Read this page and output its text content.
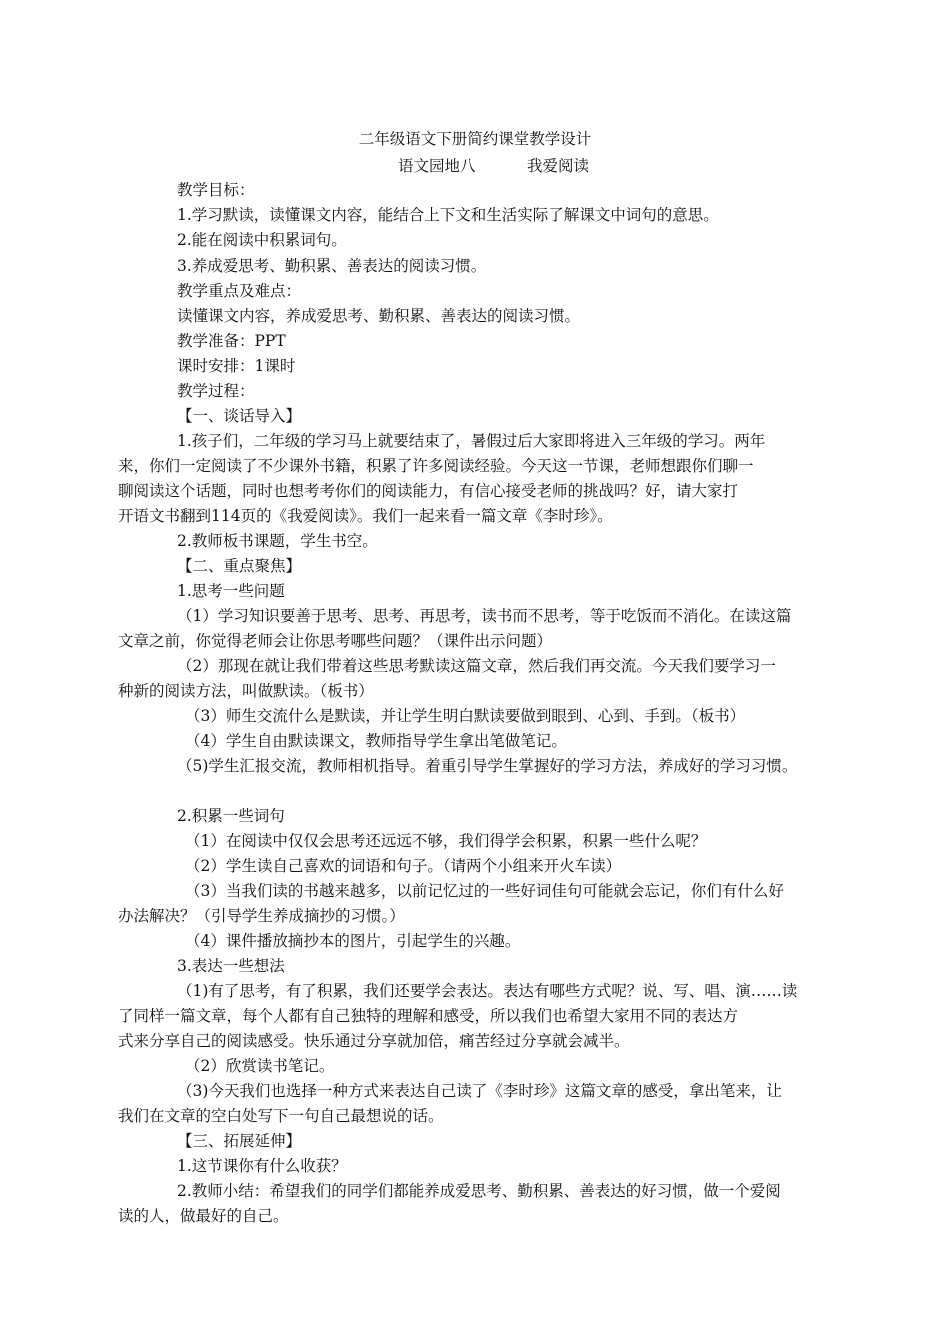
二年级语文下册简约课堂教学设计
语文园地八	我爱阅读
教学目标：
1.学习默读，读懂课文内容，能结合上下文和生活实际了解课文中词句的意思。
2.能在阅读中积累词句。
3.养成爱思考、勤积累、善表达的阅读习惯。
教学重点及难点：
读懂课文内容，养成爱思考、勤积累、善表达的阅读习惯。
教学准备：PPT
课时安排：1课时
教学过程：
【一、谈话导入】
1.孩子们，二年级的学习马上就要结束了，暑假过后大家即将进入三年级的学习。两年
来，你们一定阅读了不少课外书籍，积累了许多阅读经验。今天这一节课，老师想跟你们聊一
聊阅读这个话题，同时也想考考你们的阅读能力，有信心接受老师的挑战吗？好，请大家打
开语文书翻到114页的《我爱阅读》。我们一起来看一篇文章《李时珍》。
2.教师板书课题，学生书空。
【二、重点聚焦】
1.思考一些问题
（1）学习知识要善于思考、思考、再思考，读书而不思考，等于吃饭而不消化。在读这篇
文章之前，你觉得老师会让你思考哪些问题？（课件出示问题）
（2）那现在就让我们带着这些思考默读这篇文章，然后我们再交流。今天我们要学习一
种新的阅读方法，叫做默读。（板书）
（3）师生交流什么是默读，并让学生明白默读要做到眼到、心到、手到。（板书）
（4）学生自由默读课文，教师指导学生拿出笔做笔记。
（5)学生汇报交流，教师相机指导。着重引导学生掌握好的学习方法，养成好的学习习惯。
2.积累一些词句
（1）在阅读中仅仅会思考还远远不够，我们得学会积累，积累一些什么呢？
（2）学生读自己喜欢的词语和句子。（请两个小组来开火车读）
（3）当我们读的书越来越多，以前记忆过的一些好词佳句可能就会忘记，你们有什么好
办法解决？（引导学生养成摘抄的习惯。）
（4）课件播放摘抄本的图片，引起学生的兴趣。
3.表达一些想法
（1)有了思考，有了积累，我们还要学会表达。表达有哪些方式呢？说、写、唱、演……读
了同样一篇文章，每个人都有自己独特的理解和感受，所以我们也希望大家用不同的表达方
式来分享自己的阅读感受。快乐通过分享就加倍，痛苦经过分享就会减半。
（2）欣赏读书笔记。
（3)今天我们也选择一种方式来表达自己读了《李时珍》这篇文章的感受，拿出笔来，让
我们在文章的空白处写下一句自己最想说的话。
【三、拓展延伸】
1.这节课你有什么收获？
2.教师小结：希望我们的同学们都能养成爱思考、勤积累、善表达的好习惯，做一个爱阅
读的人，做最好的自己。
